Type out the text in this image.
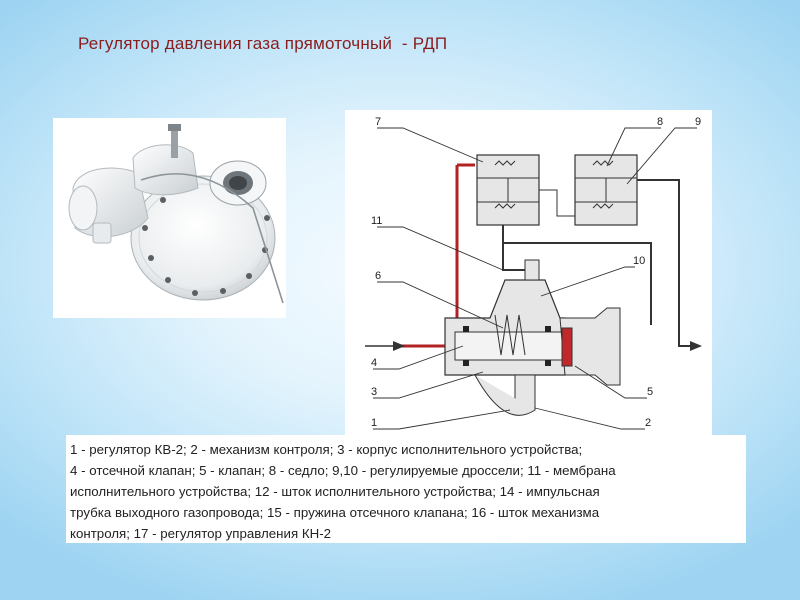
Регулятор давления газа прямоточный  - РДП
7	8	9
11
10
6
4
3
1
5
2

1 - регулятор КВ-2; 2 - механизм контроля; 3 - корпус исполнительного устройства;

4 - отсечной клапан; 5 - клапан; 8 - седло; 9,10 - регулируемые дроссели; 11 - мембрана

исполнительного устройства; 12 - шток исполнительного устройства; 14 - импульсная

трубка выходного газопровода; 15 - пружина отсечного клапана; 16 - шток механизма

контроля; 17 - регулятор управления КН-2
